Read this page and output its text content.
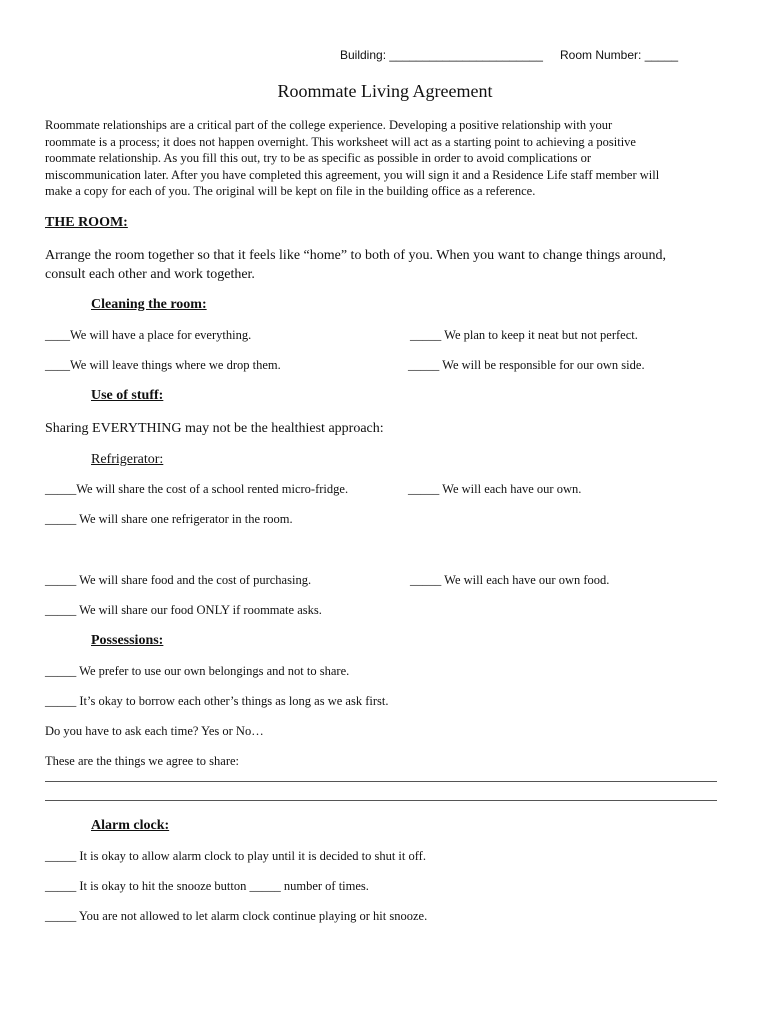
Building: _______________________ Room Number: _____
Roommate Living Agreement
Roommate relationships are a critical part of the college experience. Developing a positive relationship with your
roommate is a process; it does not happen overnight. This worksheet will act as a starting point to achieving a positive
roommate relationship. As you fill this out, try to be as specific as possible in order to avoid complications or
miscommunication later. After you have completed this agreement, you will sign it and a Residence Life staff member will
make a copy for each of you. The original will be kept on file in the building office as a reference.
THE ROOM:
Arrange the room together so that it feels like “home” to both of you. When you want to change things around,
consult each other and work together.
Cleaning the room:
____We will have a place for everything.	_____ We plan to keep it neat but not perfect.
____We will leave things where we drop them.	_____ We will be responsible for our own side.
Use of stuff:
Sharing EVERYTHING may not be the healthiest approach:
Refrigerator:
_____We will share the cost of a school rented micro-fridge.	_____ We will each have our own.
_____ We will share one refrigerator in the room.
_____ We will share food and the cost of purchasing.	_____ We will each have our own food.
_____ We will share our food ONLY if roommate asks.
Possessions:
_____ We prefer to use our own belongings and not to share.
_____ It’s okay to borrow each other’s things as long as we ask first.
Do you have to ask each time? Yes or No…
These are the things we agree to share:
Alarm clock:
_____ It is okay to allow alarm clock to play until it is decided to shut it off.
_____ It is okay to hit the snooze button _____ number of times.
_____ You are not allowed to let alarm clock continue playing or hit snooze.
